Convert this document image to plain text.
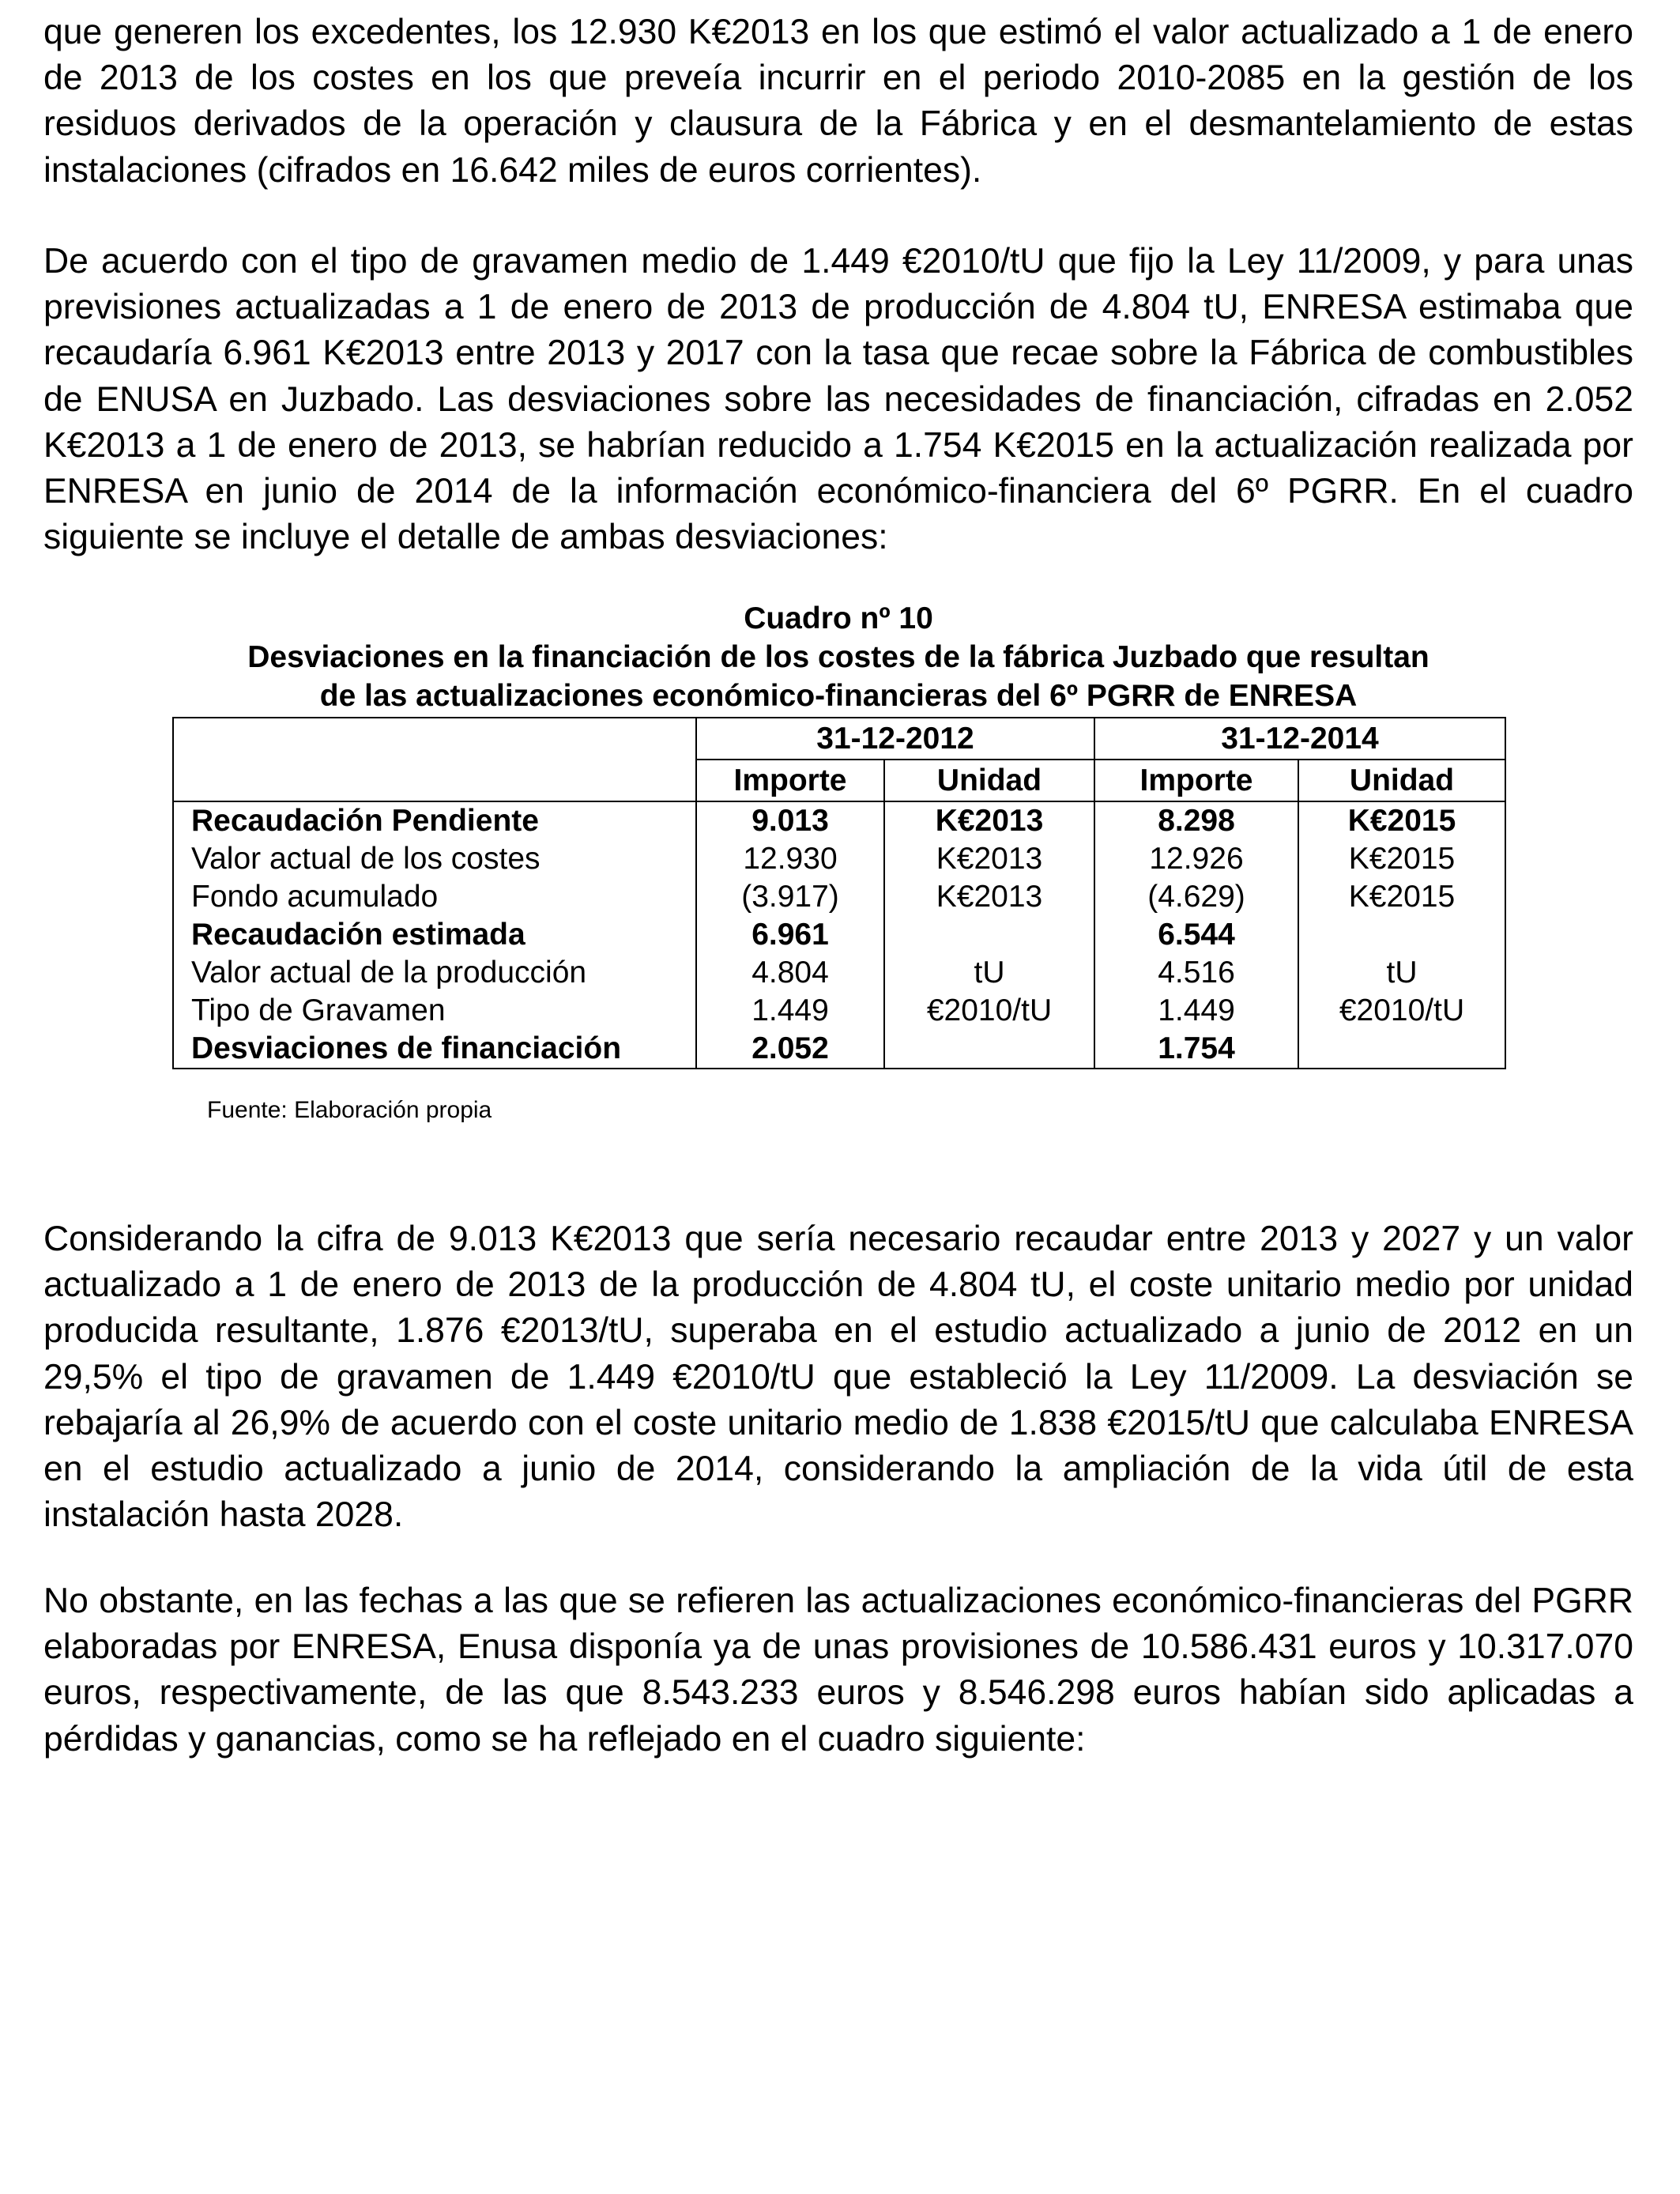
que generen los excedentes, los 12.930 K€2013 en los que estimó el valor actualizado a 1 de enero de 2013 de los costes en los que preveía incurrir en el periodo 2010-2085 en la gestión de los residuos derivados de la operación y clausura de la Fábrica y en el desmantelamiento de estas instalaciones (cifrados en 16.642 miles de euros corrientes).

De acuerdo con el tipo de gravamen medio de 1.449 €2010/tU que fijo la Ley 11/2009, y para unas previsiones actualizadas a 1 de enero de 2013 de producción de 4.804 tU, ENRESA estimaba que recaudaría 6.961 K€2013 entre 2013 y 2017 con la tasa que recae sobre la Fábrica de combustibles de ENUSA en Juzbado. Las desviaciones sobre las necesidades de financiación, cifradas en 2.052 K€2013 a 1 de enero de 2013, se habrían reducido a 1.754 K€2015 en la actualización realizada por ENRESA en junio de 2014 de la información económico-financiera del 6º PGRR. En el cuadro siguiente se incluye el detalle de ambas desviaciones:

Cuadro nº 10
Desviaciones en la financiación de los costes de la fábrica Juzbado que resultan
de las actualizaciones económico-financieras del 6º PGRR de ENRESA
	31-12-2012		31-12-2014	
	Importe	Unidad	Importe	Unidad
Recaudación Pendiente	9.013	K€2013	8.298	K€2015
Valor actual de los costes	12.930	K€2013	12.926	K€2015
Fondo acumulado	(3.917)	K€2013	(4.629)	K€2015
Recaudación estimada	6.961		6.544	
Valor actual de la producción	4.804	tU	4.516	tU
Tipo de Gravamen	1.449	€2010/tU	1.449	€2010/tU
Desviaciones de financiación	2.052		1.754	
Fuente: Elaboración propia

Considerando la cifra de 9.013 K€2013 que sería necesario recaudar entre 2013 y 2027 y un valor actualizado a 1 de enero de 2013 de la producción de 4.804 tU, el coste unitario medio por unidad producida resultante, 1.876 €2013/tU, superaba en el estudio actualizado a junio de 2012 en un 29,5% el tipo de gravamen de 1.449 €2010/tU que estableció la Ley 11/2009. La desviación se rebajaría al 26,9% de acuerdo con el coste unitario medio de 1.838 €2015/tU que calculaba ENRESA en el estudio actualizado a junio de 2014, considerando la ampliación de la vida útil de esta instalación hasta 2028.

No obstante, en las fechas a las que se refieren las actualizaciones económico-financieras del PGRR elaboradas por ENRESA, Enusa disponía ya de unas provisiones de 10.586.431 euros y 10.317.070 euros, respectivamente, de las que 8.543.233 euros y 8.546.298 euros habían sido aplicadas a pérdidas y ganancias, como se ha reflejado en el cuadro siguiente:
